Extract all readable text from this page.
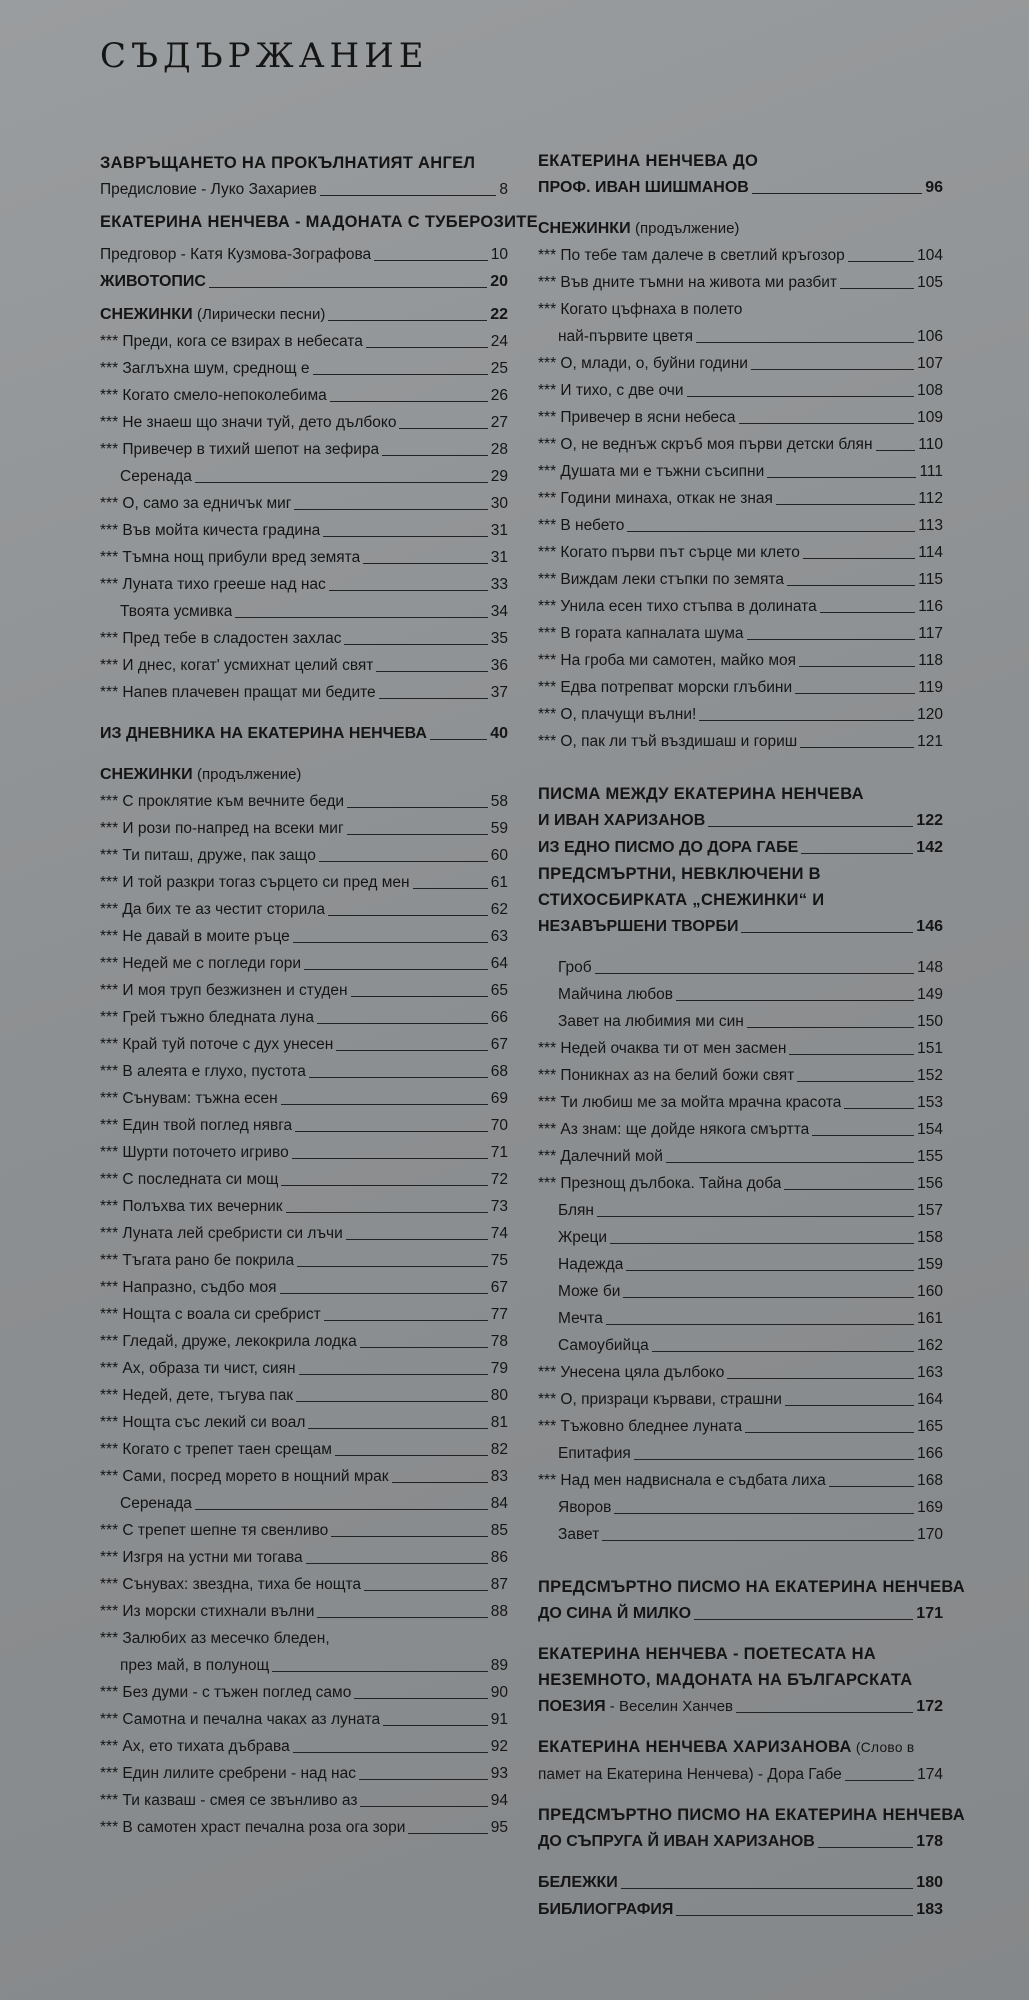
СЪДЪРЖАНИЕ
ЗАВРЪЩАНЕТО НА ПРОКЪЛНАТИЯТ АНГЕЛ
Предисловие - Луко Захариев	8
ЕКАТЕРИНА НЕНЧЕВА - МАДОНАТА С ТУБЕРОЗИТЕ
Предговор - Катя Кузмова-Зографова	10
ЖИВОТОПИС	20
СНЕЖИНКИ (Лирически песни)	22
*** Преди, кога се взирах в небесата	24
*** Заглъхна шум, среднощ е	25
*** Когато смело-непоколебима	26
*** Не знаеш що значи туй, дето дълбоко	27
*** Привечер в тихий шепот на зефира	28
Серенада	29
*** О, само за едничък миг	30
*** Във мойта кичеста градина	31
*** Тъмна нощ прибули вред земята	31
*** Луната тихо грееше над нас	33
Твоята усмивка	34
*** Пред тебе в сладостен захлас	35
*** И днес, когат' усмихнат целий свят	36
*** Напев плачевен пращат ми бедите	37
ИЗ ДНЕВНИКА НА ЕКАТЕРИНА НЕНЧЕВА	40
СНЕЖИНКИ (продължение)
*** С проклятие към вечните беди	58
*** И рози по-напред на всеки миг	59
*** Ти питаш, друже, пак защо	60
*** И той разкри тогаз сърцето си пред мен	61
*** Да бих те аз честит сторила	62
*** Не давай в моите ръце	63
*** Недей ме с погледи гори	64
*** И моя труп безжизнен и студен	65
*** Грей тъжно бледната луна	66
*** Край туй поточе с дух унесен	67
*** В алеята е глухо, пустота	68
*** Сънувам: тъжна есен	69
*** Един твой поглед нявга	70
*** Шурти поточето игриво	71
*** С последната си мощ	72
*** Полъхва тих вечерник	73
*** Луната лей сребристи си лъчи	74
*** Тъгата рано бе покрила	75
*** Напразно, съдбо моя	67
*** Нощта с воала си сребрист	77
*** Гледай, друже, лекокрила лодка	78
*** Ах, образа ти чист, сиян	79
*** Недей, дете, тъгува пак	80
*** Нощта със лекий си воал	81
*** Когато с трепет таен срещам	82
*** Сами, посред морето в нощний мрак	83
Серенада	84
*** С трепет шепне тя свенливо	85
*** Изгря на устни ми тогава	86
*** Сънувах: звездна, тиха бе нощта	87
*** Из морски стихнали вълни	88
*** Залюбих аз месечко бледен,
през май, в полунощ	89
*** Без думи - с тъжен поглед само	90
*** Самотна и печална чаках аз луната	91
*** Ах, ето тихата дъбрава	92
*** Един лилите сребрени - над нас	93
*** Ти казваш - смея се звънливо аз	94
*** В самотен храст печална роза ога зори	95
ЕКАТЕРИНА НЕНЧЕВА ДО
ПРОФ. ИВАН ШИШМАНОВ	96
СНЕЖИНКИ (продължение)
*** По тебе там далече в светлий кръгозор	104
*** Във дните тъмни на живота ми разбит	105
*** Когато цъфнаха в полето
най-първите цветя	106
*** О, млади, о, буйни години	107
*** И тихо, с две очи	108
*** Привечер в ясни небеса	109
*** О, не веднъж скръб моя първи детски блян	110
*** Душата ми е тъжни съсипни	111
*** Години минаха, откак не зная	112
*** В небето	113
*** Когато първи път сърце ми клето	114
*** Виждам леки стъпки по земята	115
*** Унила есен тихо стъпва в долината	116
*** В гората капналата шума	117
*** На гроба ми самотен, майко моя	118
*** Едва потрепват морски глъбини	119
*** О, плачущи вълни!	120
*** О, пак ли тъй въздишаш и гориш	121
ПИСМА МЕЖДУ ЕКАТЕРИНА НЕНЧЕВА
И ИВАН ХАРИЗАНОВ	122
ИЗ ЕДНО ПИСМО ДО ДОРА ГАБЕ	142
ПРЕДСМЪРТНИ, НЕВКЛЮЧЕНИ В
СТИХОСБИРКАТА „СНЕЖИНКИ“ И
НЕЗАВЪРШЕНИ ТВОРБИ	146
Гроб	148
Майчина любов	149
Завет на любимия ми син	150
*** Недей очаква ти от мен засмен	151
*** Поникнах аз на белий божи свят	152
*** Ти любиш ме за мойта мрачна красота	153
*** Аз знам: ще дойде някога смъртта	154
*** Далечний мой	155
*** Презнощ дълбока. Тайна доба	156
Блян	157
Жреци	158
Надежда	159
Може би	160
Мечта	161
Самоубийца	162
*** Унесена цяла дълбоко	163
*** О, призраци кървави, страшни	164
*** Тъжовно бледнее луната	165
Епитафия	166
*** Над мен надвиснала е съдбата лиха	168
Яворов	169
Завет	170
ПРЕДСМЪРТНО ПИСМО НА ЕКАТЕРИНА НЕНЧЕВА
ДО СИНА Й МИЛКО	171
ЕКАТЕРИНА НЕНЧЕВА - ПОЕТЕСАТА НА
НЕЗЕМНОТО, МАДОНАТА НА БЪЛГАРСКАТА
ПОЕЗИЯ - Веселин Ханчев	172
ЕКАТЕРИНА НЕНЧЕВА ХАРИЗАНОВА (Слово в
памет на Екатерина Ненчева) - Дора Габе	174
ПРЕДСМЪРТНО ПИСМО НА ЕКАТЕРИНА НЕНЧЕВА
ДО СЪПРУГА Й ИВАН ХАРИЗАНОВ	178
БЕЛЕЖКИ	180
БИБЛИОГРАФИЯ	183
